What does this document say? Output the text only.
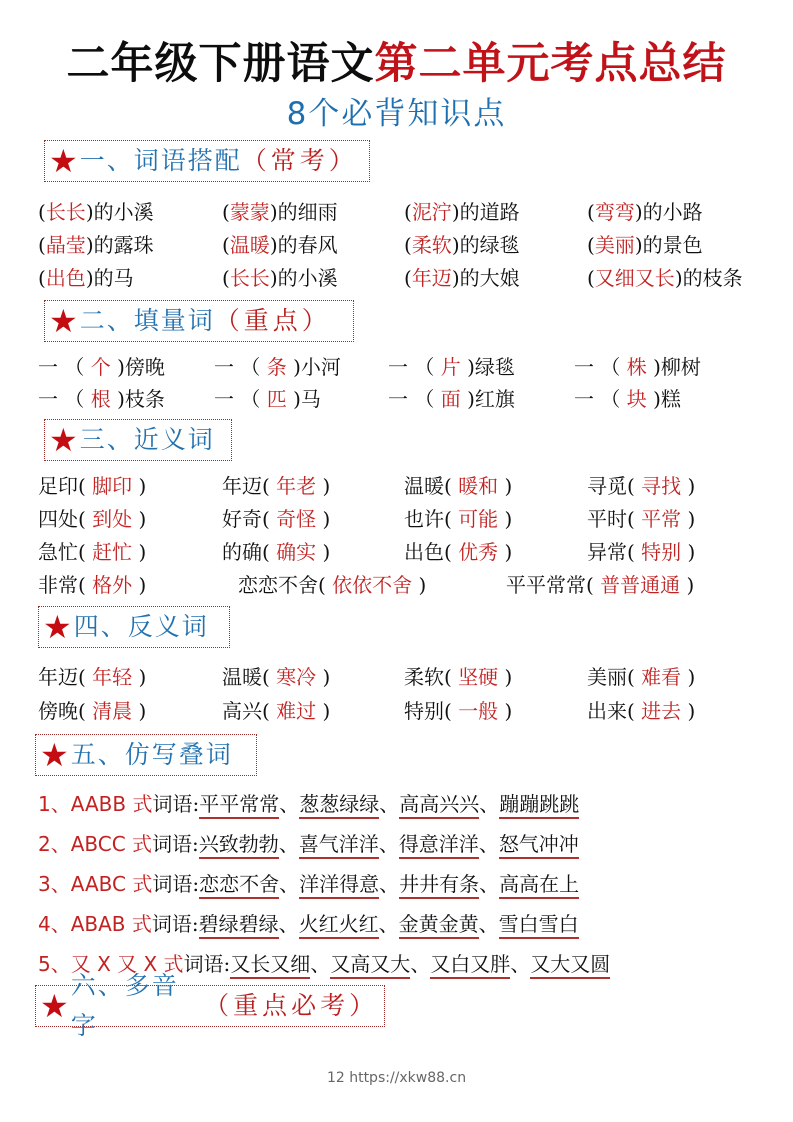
二年级下册语文第二单元考点总结
8个必背知识点
★ 一、词语搭配 （常考）
(长长)的小溪	(蒙蒙)的细雨	(泥泞)的道路	(弯弯)的小路
(晶莹)的露珠	(温暖)的春风	(柔软)的绿毯	(美丽)的景色
(出色)的马	(长长)的小溪	(年迈)的大娘	(又细又长)的枝条
★ 二、填量词 （重点）
一 （ 个 )傍晚 一 （ 条 )小河 一 （ 片 )绿毯	一 （ 株 )柳树
一 （ 根 )枝条 一 （ 匹 )马	一 （ 面 )红旗	一 （ 块 )糕
★ 三、近义词
足印( 脚印 )	年迈( 年老 )	温暖( 暖和 )	寻觅( 寻找 )
四处( 到处 )	好奇( 奇怪 )	也许( 可能 )	平时( 平常 )
急忙( 赶忙 )	的确( 确实 )	出色( 优秀 )	异常( 特别 )
非常( 格外 )	恋恋不舍( 依依不舍 )	平平常常( 普普通通 )
★ 四、反义词
年迈( 年轻 )	温暖( 寒冷 )	柔软( 坚硬 )	美丽( 难看 )
傍晚( 清晨 )	高兴( 难过 )	特别( 一般 )	出来( 进去 )
★ 五、仿写叠词
1、AABB 式词语:平平常常、葱葱绿绿、高高兴兴、蹦蹦跳跳
2、ABCC 式词语:兴致勃勃、喜气洋洋、得意洋洋、怒气冲冲
3、AABC 式词语:恋恋不舍、洋洋得意、井井有条、高高在上
4、ABAB 式词语:碧绿碧绿、火红火红、金黄金黄、雪白雪白
5、又 X 又 X 式词语:又长又细、又高又大、又白又胖、又大又圆
★
六、多音字
（重点必考）
12 https://xkw88.cn
